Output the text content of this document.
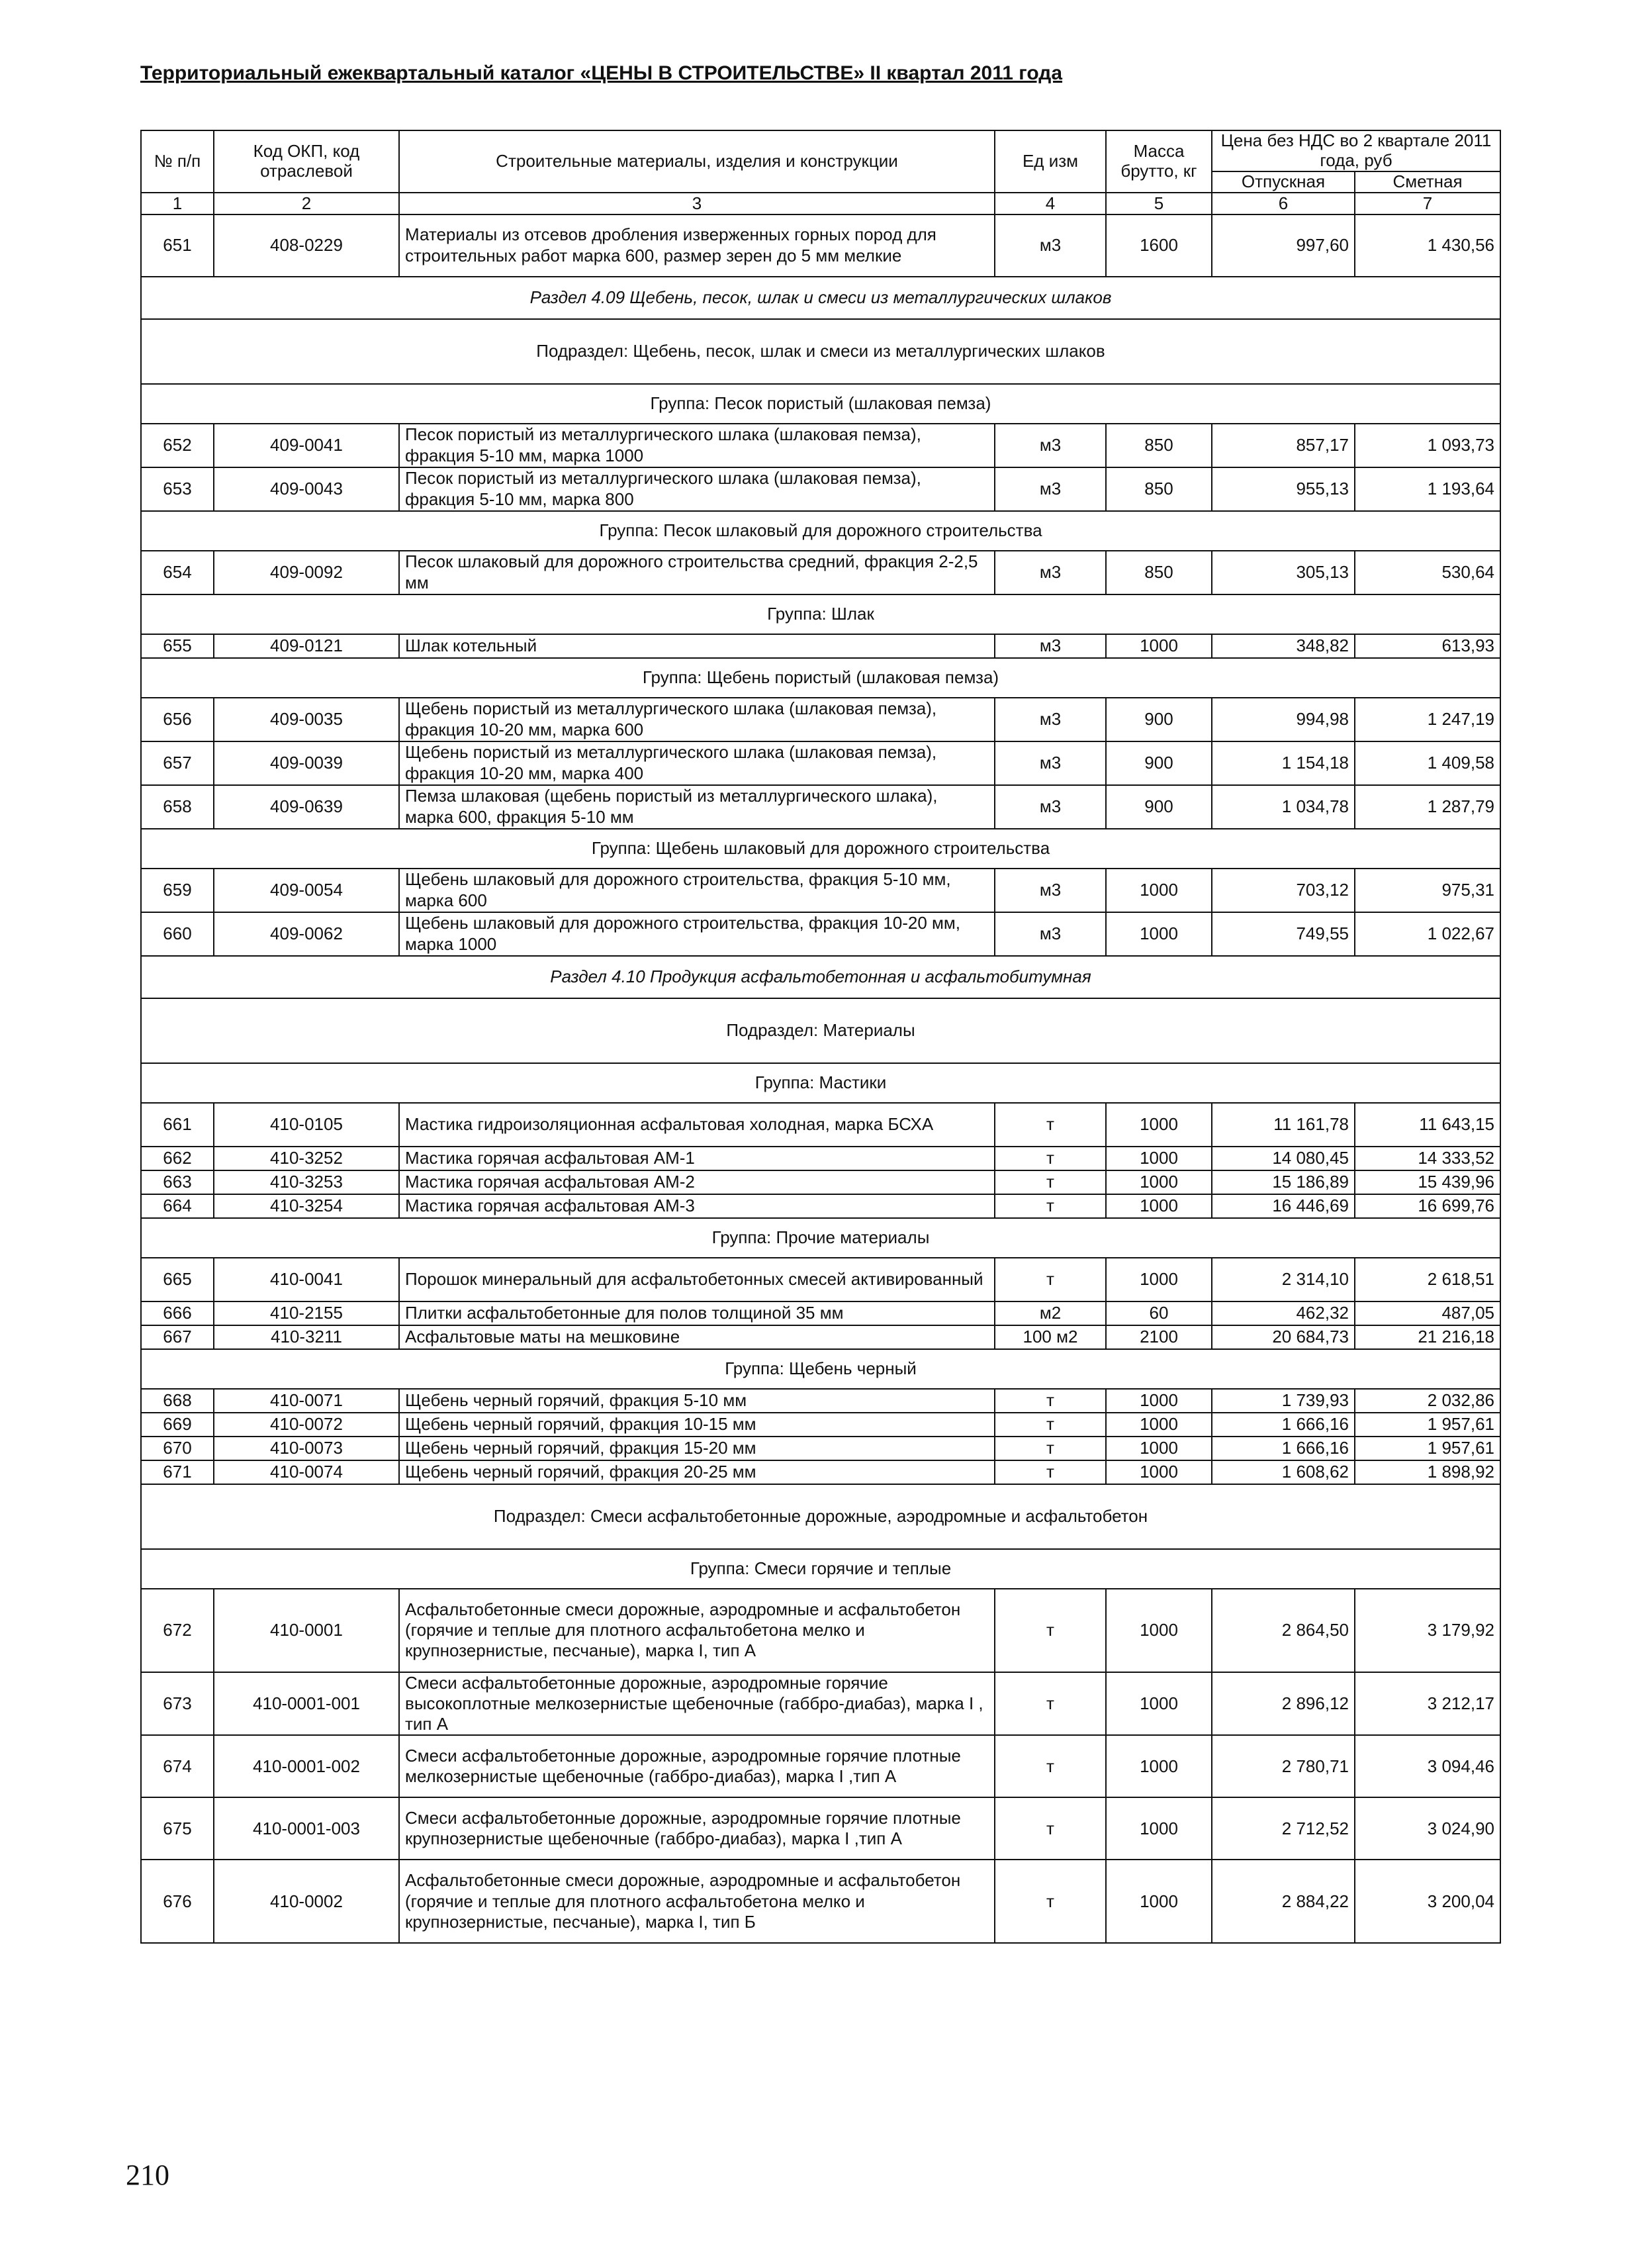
Территориальный ежеквартальный каталог «ЦЕНЫ В СТРОИТЕЛЬСТВЕ» II квартал 2011 года
№ п/п	Код ОКП, код отраслевой	Строительные материалы, изделия и конструкции	Ед изм	Масса брутто, кг	Цена без НДС во 2 квартале 2011 года, руб	
					Отпускная	Сметная
1	2	3	4	5	6	7
651	408-0229	Материалы из отсевов дробления изверженных горных пород для строительных работ марка 600, размер зерен до 5 мм мелкие	м3	1600	997,60	1 430,56
Раздел 4.09 Щебень, песок, шлак и смеси из металлургических шлаков						
Подраздел: Щебень, песок, шлак и смеси из металлургических шлаков						
Группа: Песок пористый (шлаковая пемза)						
652	409-0041	Песок пористый из металлургического шлака (шлаковая пемза), фракция 5-10 мм, марка 1000	м3	850	857,17	1 093,73
653	409-0043	Песок пористый из металлургического шлака (шлаковая пемза), фракция 5-10 мм, марка 800	м3	850	955,13	1 193,64
Группа: Песок шлаковый для дорожного строительства						
654	409-0092	Песок шлаковый для дорожного строительства средний, фракция 2-2,5 мм	м3	850	305,13	530,64
Группа: Шлак						
655	409-0121	Шлак котельный	м3	1000	348,82	613,93
Группа: Щебень пористый (шлаковая пемза)						
656	409-0035	Щебень пористый из металлургического шлака (шлаковая пемза), фракция 10-20 мм, марка 600	м3	900	994,98	1 247,19
657	409-0039	Щебень пористый из металлургического шлака (шлаковая пемза), фракция 10-20 мм, марка 400	м3	900	1 154,18	1 409,58
658	409-0639	Пемза шлаковая (щебень пористый из металлургического шлака), марка 600, фракция 5-10 мм	м3	900	1 034,78	1 287,79
Группа: Щебень шлаковый для дорожного строительства						
659	409-0054	Щебень шлаковый для дорожного строительства, фракция 5-10 мм, марка 600	м3	1000	703,12	975,31
660	409-0062	Щебень шлаковый для дорожного строительства, фракция 10-20 мм, марка 1000	м3	1000	749,55	1 022,67
Раздел 4.10 Продукция асфальтобетонная и асфальтобитумная						
Подраздел: Материалы						
Группа: Мастики						
661	410-0105	Мастика гидроизоляционная асфальтовая холодная, марка БСХА	т	1000	11 161,78	11 643,15
662	410-3252	Мастика горячая асфальтовая АМ-1	т	1000	14 080,45	14 333,52
663	410-3253	Мастика горячая асфальтовая АМ-2	т	1000	15 186,89	15 439,96
664	410-3254	Мастика горячая асфальтовая АМ-3	т	1000	16 446,69	16 699,76
Группа: Прочие материалы						
665	410-0041	Порошок минеральный для асфальтобетонных смесей активированный	т	1000	2 314,10	2 618,51
666	410-2155	Плитки асфальтобетонные для полов толщиной 35 мм	м2	60	462,32	487,05
667	410-3211	Асфальтовые маты на мешковине	100 м2	2100	20 684,73	21 216,18
Группа: Щебень черный						
668	410-0071	Щебень черный горячий, фракция 5-10 мм	т	1000	1 739,93	2 032,86
669	410-0072	Щебень черный горячий, фракция 10-15 мм	т	1000	1 666,16	1 957,61
670	410-0073	Щебень черный горячий, фракция 15-20 мм	т	1000	1 666,16	1 957,61
671	410-0074	Щебень черный горячий, фракция 20-25 мм	т	1000	1 608,62	1 898,92
Подраздел: Смеси асфальтобетонные дорожные, аэродромные и асфальтобетон						
Группа: Смеси горячие и теплые						
672	410-0001	Асфальтобетонные смеси дорожные, аэродромные и асфальтобетон (горячие и теплые для плотного асфальтобетона мелко и крупнозернистые, песчаные), марка I, тип А	т	1000	2 864,50	3 179,92
673	410-0001-001	Смеси асфальтобетонные дорожные, аэродромные горячие высокоплотные мелкозернистые щебеночные (габбро-диабаз), марка I , тип А	т	1000	2 896,12	3 212,17
674	410-0001-002	Смеси асфальтобетонные дорожные, аэродромные горячие плотные мелкозернистые щебеночные (габбро-диабаз), марка I ,тип А	т	1000	2 780,71	3 094,46
675	410-0001-003	Смеси асфальтобетонные дорожные, аэродромные горячие плотные крупнозернистые щебеночные (габбро-диабаз), марка I ,тип А	т	1000	2 712,52	3 024,90
676	410-0002	Асфальтобетонные смеси дорожные, аэродромные и асфальтобетон (горячие и теплые для плотного асфальтобетона мелко и крупнозернистые, песчаные), марка I, тип Б	т	1000	2 884,22	3 200,04
210
